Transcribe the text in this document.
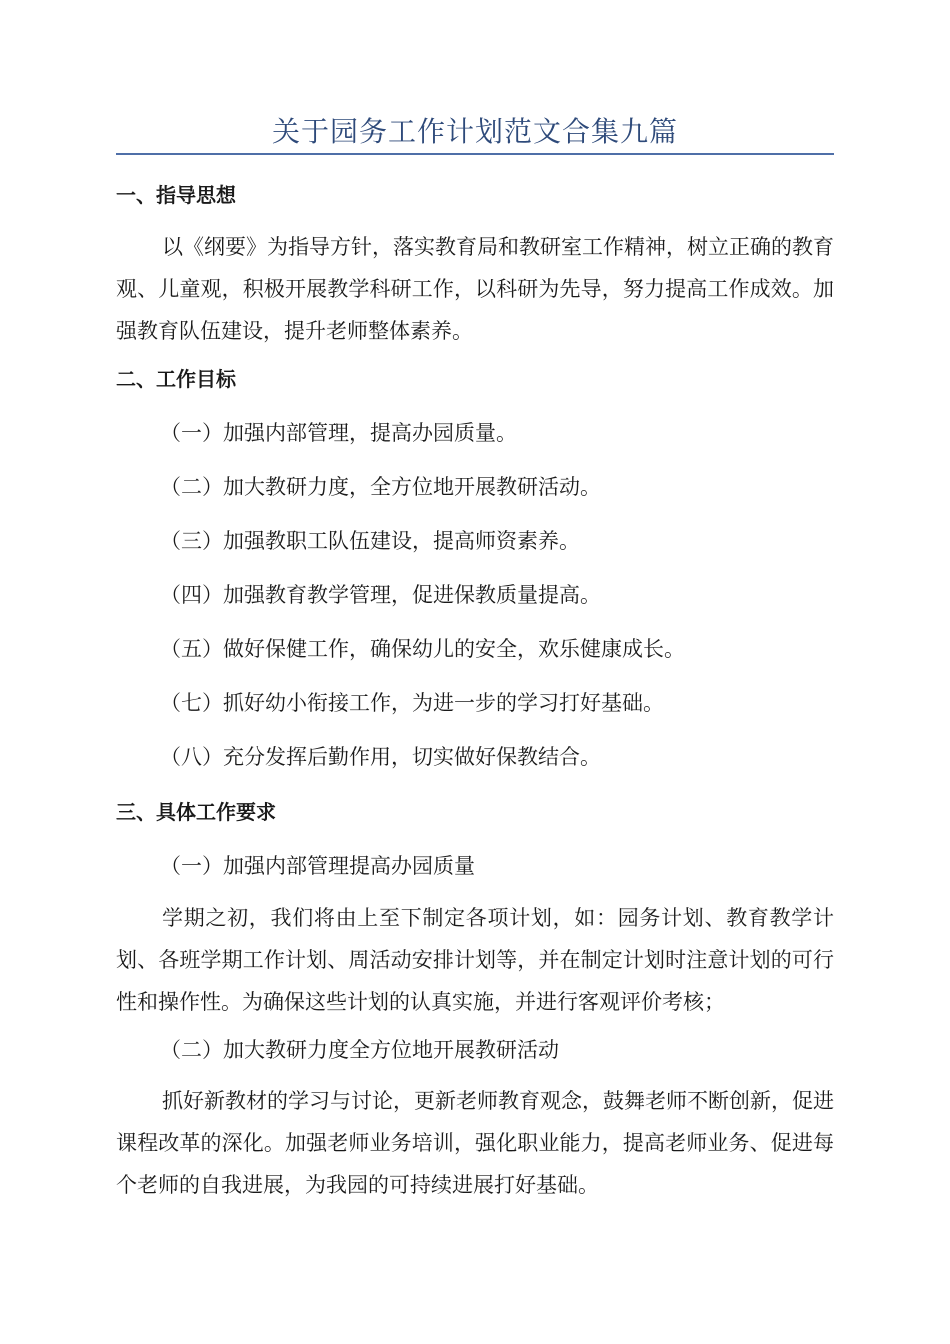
关于园务工作计划范文合集九篇
一、指导思想
以《纲要》为指导方针，落实教育局和教研室工作精神，树立正确的教育观、儿童观，积极开展教学科研工作，以科研为先导，努力提高工作成效。加强教育队伍建设，提升老师整体素养。
二、工作目标
（一）加强内部管理，提高办园质量。
（二）加大教研力度，全方位地开展教研活动。
（三）加强教职工队伍建设，提高师资素养。
（四）加强教育教学管理，促进保教质量提高。
（五）做好保健工作，确保幼儿的安全，欢乐健康成长。
（七）抓好幼小衔接工作，为进一步的学习打好基础。
（八）充分发挥后勤作用，切实做好保教结合。
三、具体工作要求
（一）加强内部管理提高办园质量
学期之初，我们将由上至下制定各项计划，如：园务计划、教育教学计划、各班学期工作计划、周活动安排计划等，并在制定计划时注意计划的可行性和操作性。为确保这些计划的认真实施，并进行客观评价考核；
（二）加大教研力度全方位地开展教研活动
抓好新教材的学习与讨论，更新老师教育观念，鼓舞老师不断创新，促进课程改革的深化。加强老师业务培训，强化职业能力，提高老师业务、促进每个老师的自我进展，为我园的可持续进展打好基础。
